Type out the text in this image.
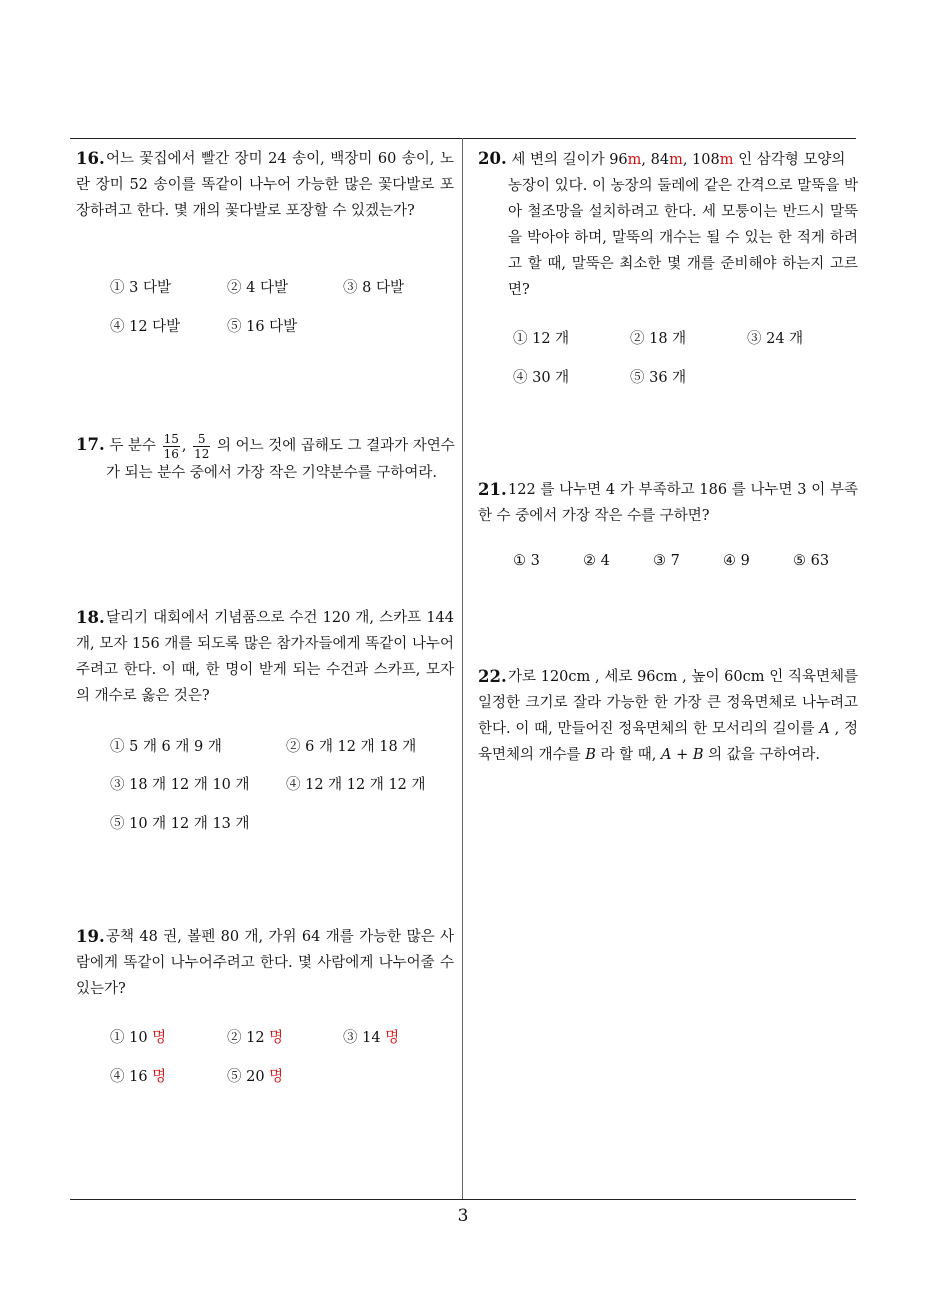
16. 어느 꽃집에서 빨간 장미 24 송이, 백장미 60 송이, 노란 장미 52 송이를 똑같이 나누어 가능한 많은 꽃다발로 포장하려고 한다. 몇 개의 꽃다발로 포장할 수 있겠는가?
① 3 다발	② 4 다발	③ 8 다발
④ 12 다발	⑤ 16 다발
17. 두 분수 $\frac{15}{16}$ , $\frac{5}{12}$ 의 어느 것에 곱해도 그 결과가 자연수
가 되는 분수 중에서 가장 작은 기약분수를 구하여라.
18. 달리기 대회에서 기념품으로 수건 120 개, 스카프 144 개, 모자 156 개를 되도록 많은 참가자들에게 똑같이 나누어주려고 한다. 이 때, 한 명이 받게 되는 수건과 스카프, 모자의 개수로 옳은 것은?
① 5 개 6 개 9 개	② 6 개 12 개 18 개
③ 18 개 12 개 10 개	④ 12 개 12 개 12 개
⑤ 10 개 12 개 13 개
19. 공책 48 권, 볼펜 80 개, 가위 64 개를 가능한 많은 사람에게 똑같이 나누어주려고 한다. 몇 사람에게 나누어줄 수 있는가?
① 10 명	② 12 명	③ 14 명
④ 16 명	⑤ 20 명
20. 세 변의 길이가 96m, 84m, 108m 인 삼각형 모양의
농장이 있다. 이 농장의 둘레에 같은 간격으로 말뚝을 박아 철조망을 설치하려고 한다. 세 모퉁이는 반드시 말뚝을 박아야 하며, 말뚝의 개수는 될 수 있는 한 적게 하려고 할 때, 말뚝은 최소한 몇 개를 준비해야 하는지 고르면?
① 12 개	② 18 개	③ 24 개
④ 30 개	⑤ 36 개
21. 122 를 나누면 4 가 부족하고 186 를 나누면 3 이 부족한 수 중에서 가장 작은 수를 구하면?
① 3	② 4	③ 7	④ 9	⑤ 63
22. 가로 120cm , 세로 96cm , 높이 60cm 인 직육면체를 일정한 크기로 잘라 가능한 한 가장 큰 정육면체로 나누려고 한다. 이 때, 만들어진 정육면체의 한 모서리의 길이를 A , 정육면체의 개수를 B 라 할 때, A + B 의 값을 구하여라.
3
